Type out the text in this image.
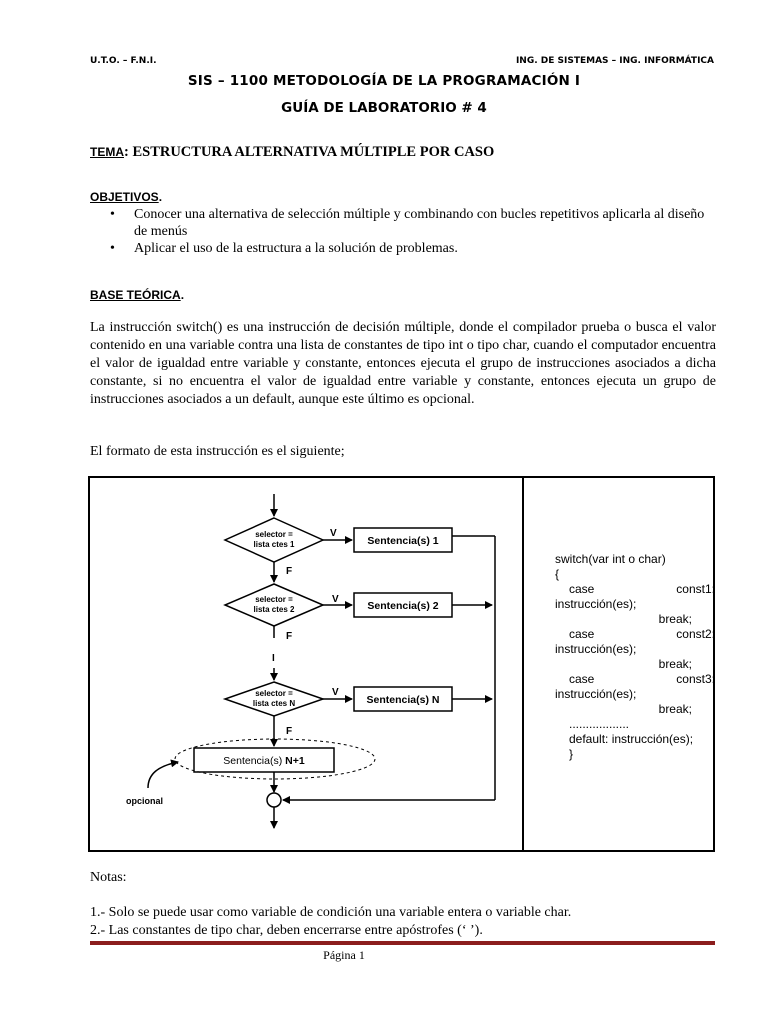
U.T.O. – F.N.I.	ING. DE SISTEMAS – ING. INFORMÁTICA
SIS – 1100 METODOLOGÍA DE LA PROGRAMACIÓN I
GUÍA DE LABORATORIO # 4
TEMA: ESTRUCTURA ALTERNATIVA MÚLTIPLE POR CASO
OBJETIVOS.
• Conocer una alternativa de selección múltiple y combinando con bucles repetitivos aplicarla al diseño de menús
• Aplicar el uso de la estructura a la solución de problemas.
BASE TEÓRICA.
La instrucción switch() es una instrucción de decisión múltiple, donde el compilador prueba o busca el valor contenido en una variable contra una lista de constantes de tipo int o tipo char, cuando el computador encuentra el valor de igualdad entre variable y constante, entonces ejecuta el grupo de instrucciones asociados a dicha constante, si no encuentra el valor de igualdad entre variable y constante, entonces ejecuta un grupo de instrucciones asociados a un default, aunque este último es opcional.
El formato de esta instrucción es el siguiente;
selector =
lista ctes 1
selector =
lista ctes 2
selector =
lista ctes N
V
V
V
F
F
F
I
Sentencia(s) 1
Sentencia(s) 2
Sentencia(s) N
Sentencia(s) N+1
opcional
switch(var int o char)
{
case	const1:
instrucción(es);
break;
case	const2:
instrucción(es);
break;
case	const3:
instrucción(es);
break;
..................
default: instrucción(es);
}
Notas:
1.- Solo se puede usar como variable de condición una variable entera o variable char.
2.- Las constantes de tipo char, deben encerrarse entre apóstrofes (‘ ’).
Página 1
